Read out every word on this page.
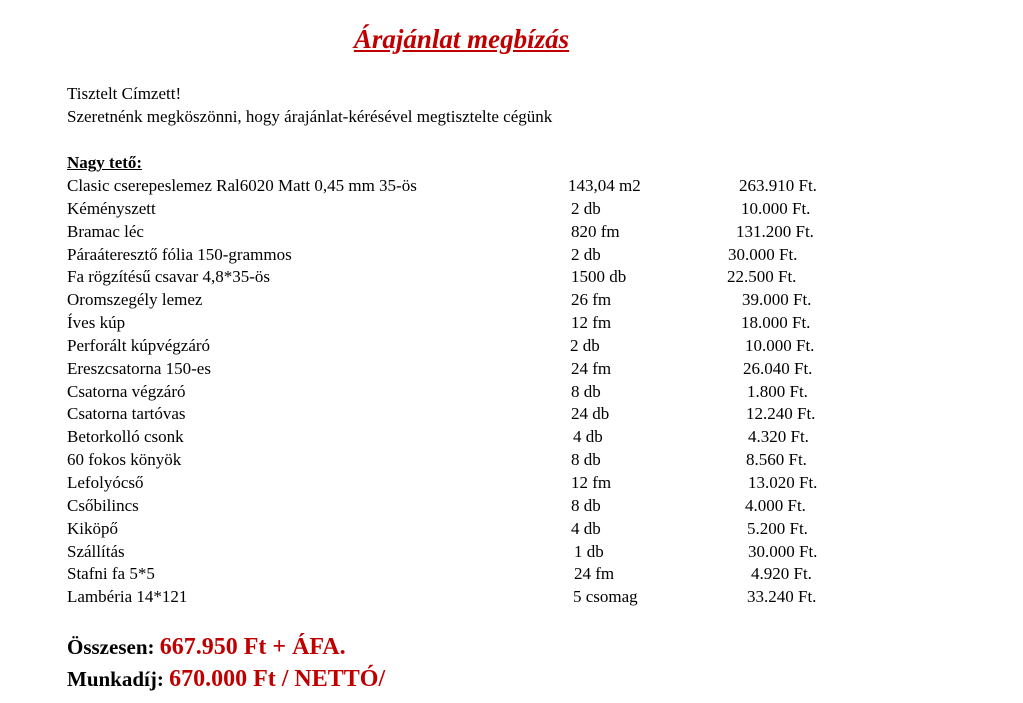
Árajánlat megbízás
Tisztelt Címzett!
Szeretnénk megköszönni, hogy árajánlat-kérésével megtisztelte cégünk
Nagy tető:
Clasic cserepeslemez Ral6020 Matt 0,45 mm 35-ös	143,04 m2	263.910 Ft.
Kéményszett	2 db	10.000 Ft.
Bramac léc	820 fm	131.200 Ft.
Páraáteresztő fólia 150-grammos	2 db	30.000 Ft.
Fa rögzítésű csavar 4,8*35-ös	1500 db	22.500 Ft.
Oromszegély lemez	26 fm	39.000 Ft.
Íves kúp	12 fm	18.000 Ft.
Perforált kúpvégzáró	2 db	10.000 Ft.
Ereszcsatorna 150-es	24 fm	26.040 Ft.
Csatorna végzáró	8 db	1.800 Ft.
Csatorna tartóvas	24 db	12.240 Ft.
Betorkolló csonk	4 db	4.320 Ft.
60 fokos könyök	8 db	8.560 Ft.
Lefolyócső	12 fm	13.020 Ft.
Csőbilincs	8 db	4.000 Ft.
Kiköpő	4 db	5.200 Ft.
Szállítás	1 db	30.000 Ft.
Stafni fa 5*5	24 fm	4.920 Ft.
Lambéria 14*121	5 csomag	33.240 Ft.
Összesen: 667.950 Ft + ÁFA.
Munkadíj: 670.000 Ft / NETTÓ/
